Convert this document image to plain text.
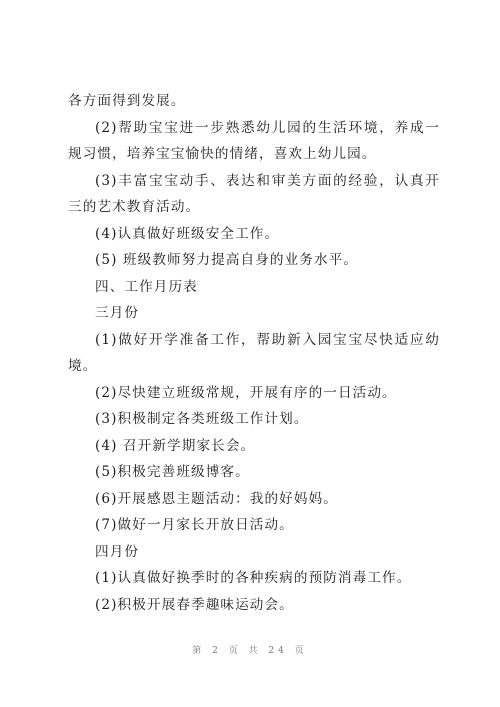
各方面得到发展。
(2)帮助宝宝进一步熟悉幼儿园的生活环境，养成一
规习惯，培养宝宝愉快的情绪，喜欢上幼儿园。
(3)丰富宝宝动手、表达和审美方面的经验，认真开
三的艺术教育活动。
(4)认真做好班级安全工作。
(5) 班级教师努力提高自身的业务水平。
四、工作月历表
三月份
(1)做好开学准备工作，帮助新入园宝宝尽快适应幼
境。
(2)尽快建立班级常规，开展有序的一日活动。
(3)积极制定各类班级工作计划。
(4) 召开新学期家长会。
(5)积极完善班级博客。
(6)开展感恩主题活动：我的好妈妈。
(7)做好一月家长开放日活动。
四月份
(1)认真做好换季时的各种疾病的预防消毒工作。
(2)积极开展春季趣味运动会。
第 2 页 共 24 页
